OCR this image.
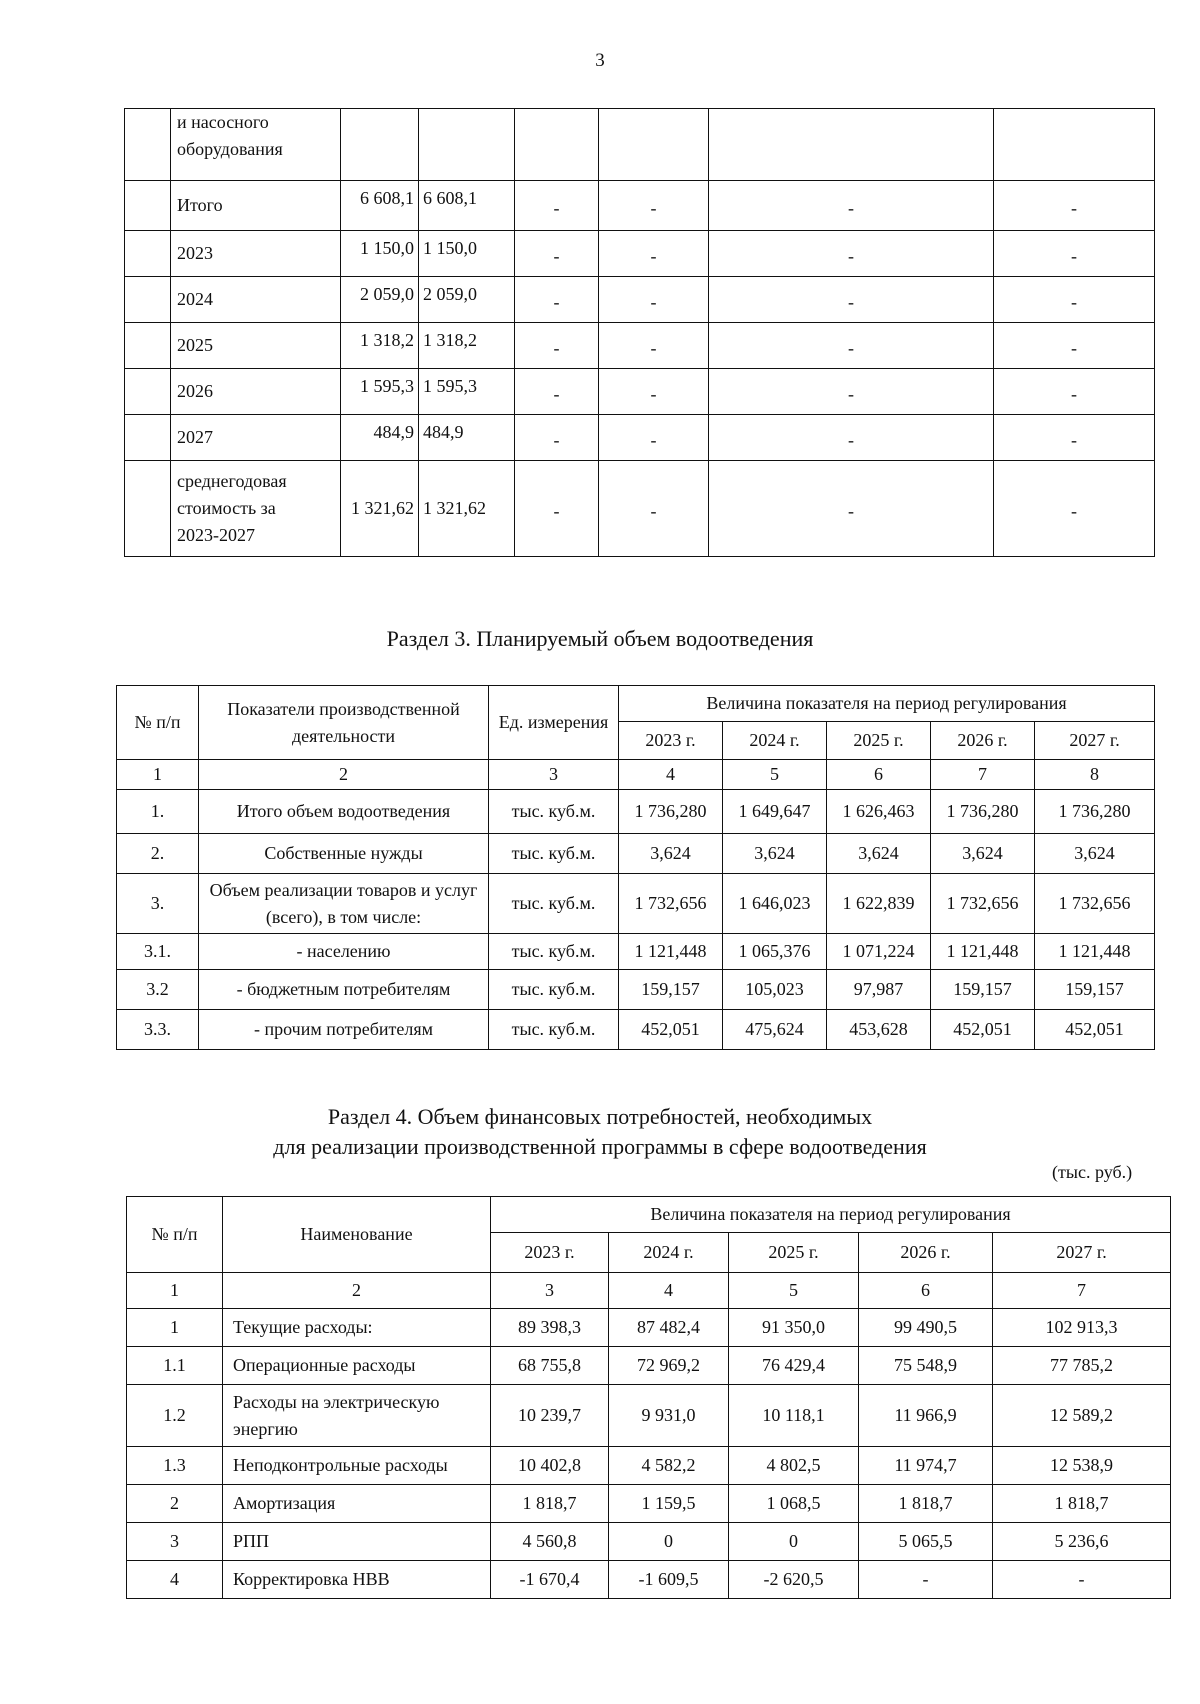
3

	и насосного
оборудования						

	Итого	6 608,1	6 608,1	-	-	-	-

	2023	1 150,0	1 150,0	-	-	-	-

	2024	2 059,0	2 059,0	-	-	-	-

	2025	1 318,2	1 318,2	-	-	-	-

	2026	1 595,3	1 595,3	-	-	-	-

	2027	484,9	484,9	-	-	-	-

	среднегодовая
стоимость за
2023-2027	1 321,62	1 321,62	-	-	-	-
Раздел 3. Планируемый объем водоотведения
№ п/п	Показатели производственной деятельности	Ед. измерения	Величина показателя на период регулирования				
			2023 г.	2024 г.	2025 г.	2026 г.	2027 г.
1	2	3	4	5	6	7	8
1.	Итого объем водоотведения	тыс. куб.м.	1 736,280	1 649,647	1 626,463	1 736,280	1 736,280
2.	Собственные нужды	тыс. куб.м.	3,624	3,624	3,624	3,624	3,624
3.	Объем реализации товаров и услуг (всего), в том числе:	тыс. куб.м.	1 732,656	1 646,023	1 622,839	1 732,656	1 732,656
3.1.	- населению	тыс. куб.м.	1 121,448	1 065,376	1 071,224	1 121,448	1 121,448
3.2	- бюджетным потребителям	тыс. куб.м.	159,157	105,023	97,987	159,157	159,157
3.3.	- прочим потребителям	тыс. куб.м.	452,051	475,624	453,628	452,051	452,051
Раздел 4. Объем финансовых потребностей, необходимых
для реализации производственной программы в сфере водоотведения
(тыс. руб.)
№ п/п	Наименование	Величина показателя на период регулирования				
		2023 г.	2024 г.	2025 г.	2026 г.	2027 г.
1	2	3	4	5	6	7
1	Текущие расходы:	89 398,3	87 482,4	91 350,0	99 490,5	102 913,3
1.1	Операционные расходы	68 755,8	72 969,2	76 429,4	75 548,9	77 785,2
1.2	Расходы на электрическую энергию	10 239,7	9 931,0	10 118,1	11 966,9	12 589,2
1.3	Неподконтрольные расходы	10 402,8	4 582,2	4 802,5	11 974,7	12 538,9
2	Амортизация	1 818,7	1 159,5	1 068,5	1 818,7	1 818,7
3	РПП	4 560,8	0	0	5 065,5	5 236,6
4	Корректировка НВВ	-1 670,4	-1 609,5	-2 620,5	-	-
